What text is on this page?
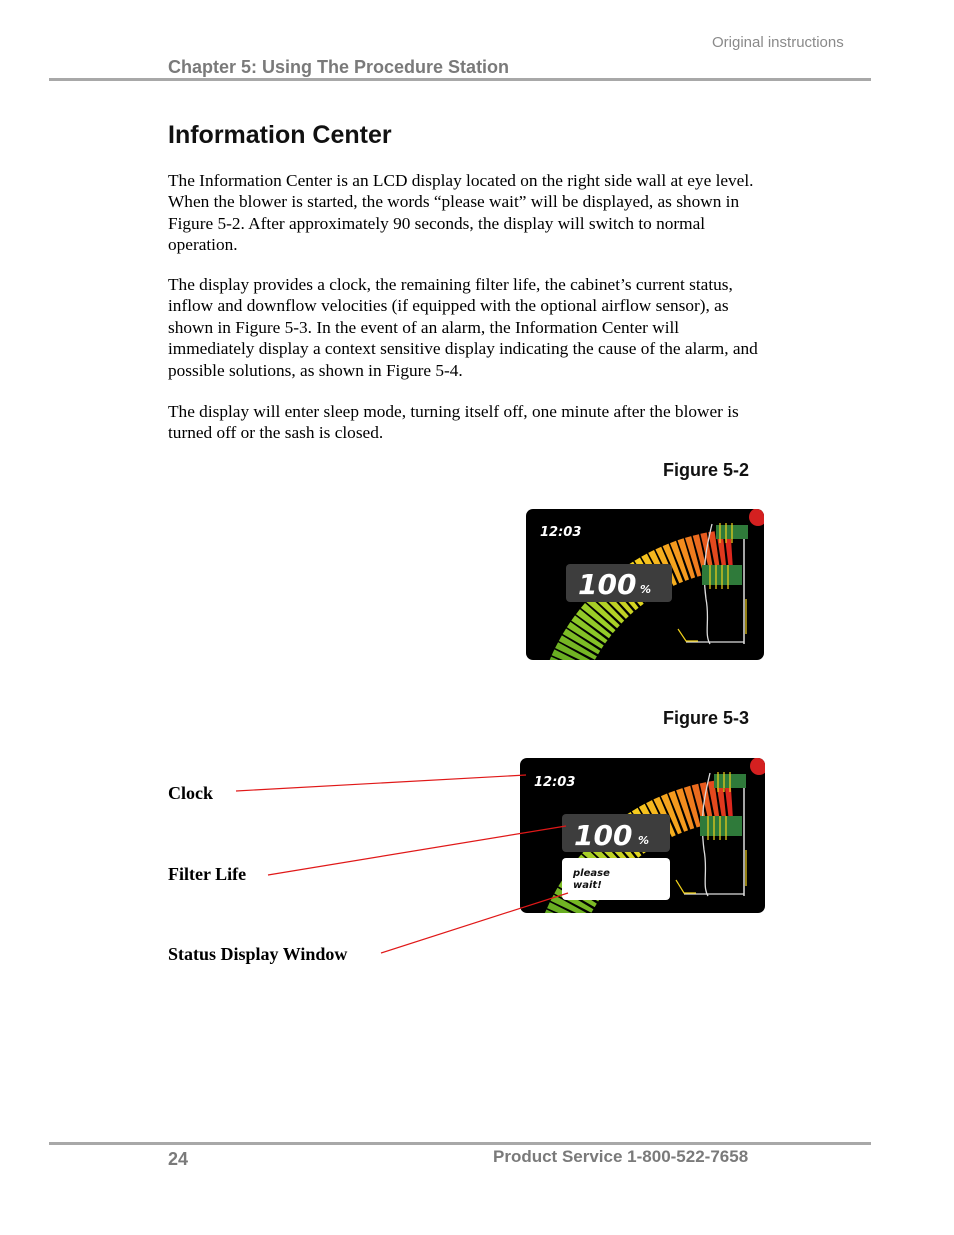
Original instructions
Chapter 5: Using The Procedure Station
Information Center

The Information Center is an LCD display located on the right side wall at eye level. When the blower is started, the words “please wait” will be displayed, as shown in Figure 5-2. After approximately 90 seconds, the display will switch to normal operation.

The display provides a clock, the remaining filter life, the cabinet’s current status, inflow and downflow velocities (if equipped with the optional airflow sensor), as shown in Figure 5-3. In the event of an alarm, the Information Center will immediately display a context sensitive display indicating the cause of the alarm, and possible solutions, as shown in Figure 5-4.

The display will enter sleep mode, turning itself off, one minute after the blower is turned off or the sash is closed.

Figure 5-2
12:03
100 %
Figure 5-3
12:03
100 %
please
wait!
Clock
Filter Life
Status Display Window
24	Product Service 1-800-522-7658
